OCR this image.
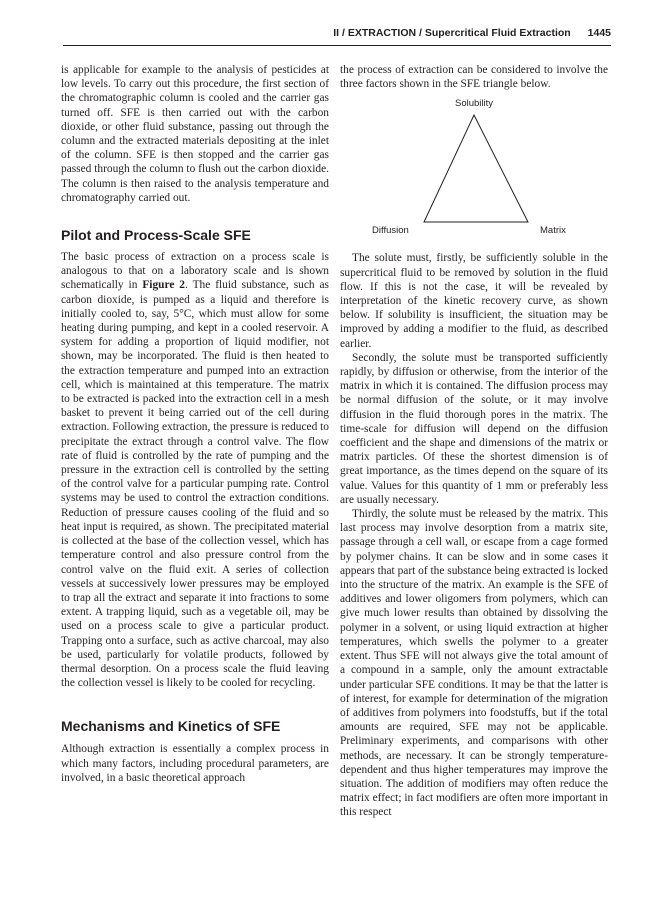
II / EXTRACTION / Supercritical Fluid Extraction 1445

is applicable for example to the analysis of pesticides at low levels. To carry out this procedure, the first section of the chromatographic column is cooled and the carrier gas turned off. SFE is then carried out with the carbon dioxide, or other fluid substance, passing out through the column and the extracted materials depositing at the inlet of the column. SFE is then stopped and the carrier gas passed through the column to flush out the carbon dioxide. The column is then raised to the analysis temperature and chromatography carried out.

Pilot and Process-Scale SFE

The basic process of extraction on a process scale is analogous to that on a laboratory scale and is shown schematically in Figure 2. The fluid substance, such as carbon dioxide, is pumped as a liquid and therefore is initially cooled to, say, 5°C, which must allow for some heating during pumping, and kept in a cooled reservoir. A system for adding a proportion of liquid modifier, not shown, may be incorporated. The fluid is then heated to the extraction temperature and pumped into an extraction cell, which is maintained at this temperature. The matrix to be extracted is packed into the extraction cell in a mesh basket to prevent it being carried out of the cell during extraction. Following extraction, the pressure is reduced to precipitate the extract through a control valve. The flow rate of fluid is controlled by the rate of pumping and the pressure in the extraction cell is controlled by the setting of the control valve for a particular pumping rate. Control systems may be used to control the extraction conditions. Reduction of pressure causes cooling of the fluid and so heat input is required, as shown. The precipitated material is collected at the base of the collection vessel, which has temperature control and also pressure control from the control valve on the fluid exit. A series of collection vessels at successively lower pressures may be employed to trap all the extract and separate it into fractions to some extent. A trapping liquid, such as a vegetable oil, may be used on a process scale to give a particular product. Trapping onto a surface, such as active charcoal, may also be used, particularly for volatile products, followed by thermal desorption. On a process scale the fluid leaving the collection vessel is likely to be cooled for recycling.

Mechanisms and Kinetics of SFE

Although extraction is essentially a complex process in which many factors, including procedural parameters, are involved, in a basic theoretical approach

the process of extraction can be considered to involve the three factors shown in the SFE triangle below.

Solubility
Diffusion	Matrix

The solute must, firstly, be sufficiently soluble in the supercritical fluid to be removed by solution in the fluid flow. If this is not the case, it will be revealed by interpretation of the kinetic recovery curve, as shown below. If solubility is insufficient, the situation may be improved by adding a modifier to the fluid, as described earlier.

Secondly, the solute must be transported sufficiently rapidly, by diffusion or otherwise, from the interior of the matrix in which it is contained. The diffusion process may be normal diffusion of the solute, or it may involve diffusion in the fluid thorough pores in the matrix. The time-scale for diffusion will depend on the diffusion coefficient and the shape and dimensions of the matrix or matrix particles. Of these the shortest dimension is of great importance, as the times depend on the square of its value. Values for this quantity of 1 mm or preferably less are usually necessary.

Thirdly, the solute must be released by the matrix. This last process may involve desorption from a matrix site, passage through a cell wall, or escape from a cage formed by polymer chains. It can be slow and in some cases it appears that part of the substance being extracted is locked into the structure of the matrix. An example is the SFE of additives and lower oligomers from polymers, which can give much lower results than obtained by dissolving the polymer in a solvent, or using liquid extraction at higher temperatures, which swells the polymer to a greater extent. Thus SFE will not always give the total amount of a compound in a sample, only the amount extractable under particular SFE conditions. It may be that the latter is of interest, for example for determination of the migration of additives from polymers into foodstuffs, but if the total amounts are required, SFE may not be applicable. Preliminary experiments, and comparisons with other methods, are necessary. It can be strongly temperature-dependent and thus higher temperatures may improve the situation. The addition of modifiers may often reduce the matrix effect; in fact modifiers are often more important in this respect
